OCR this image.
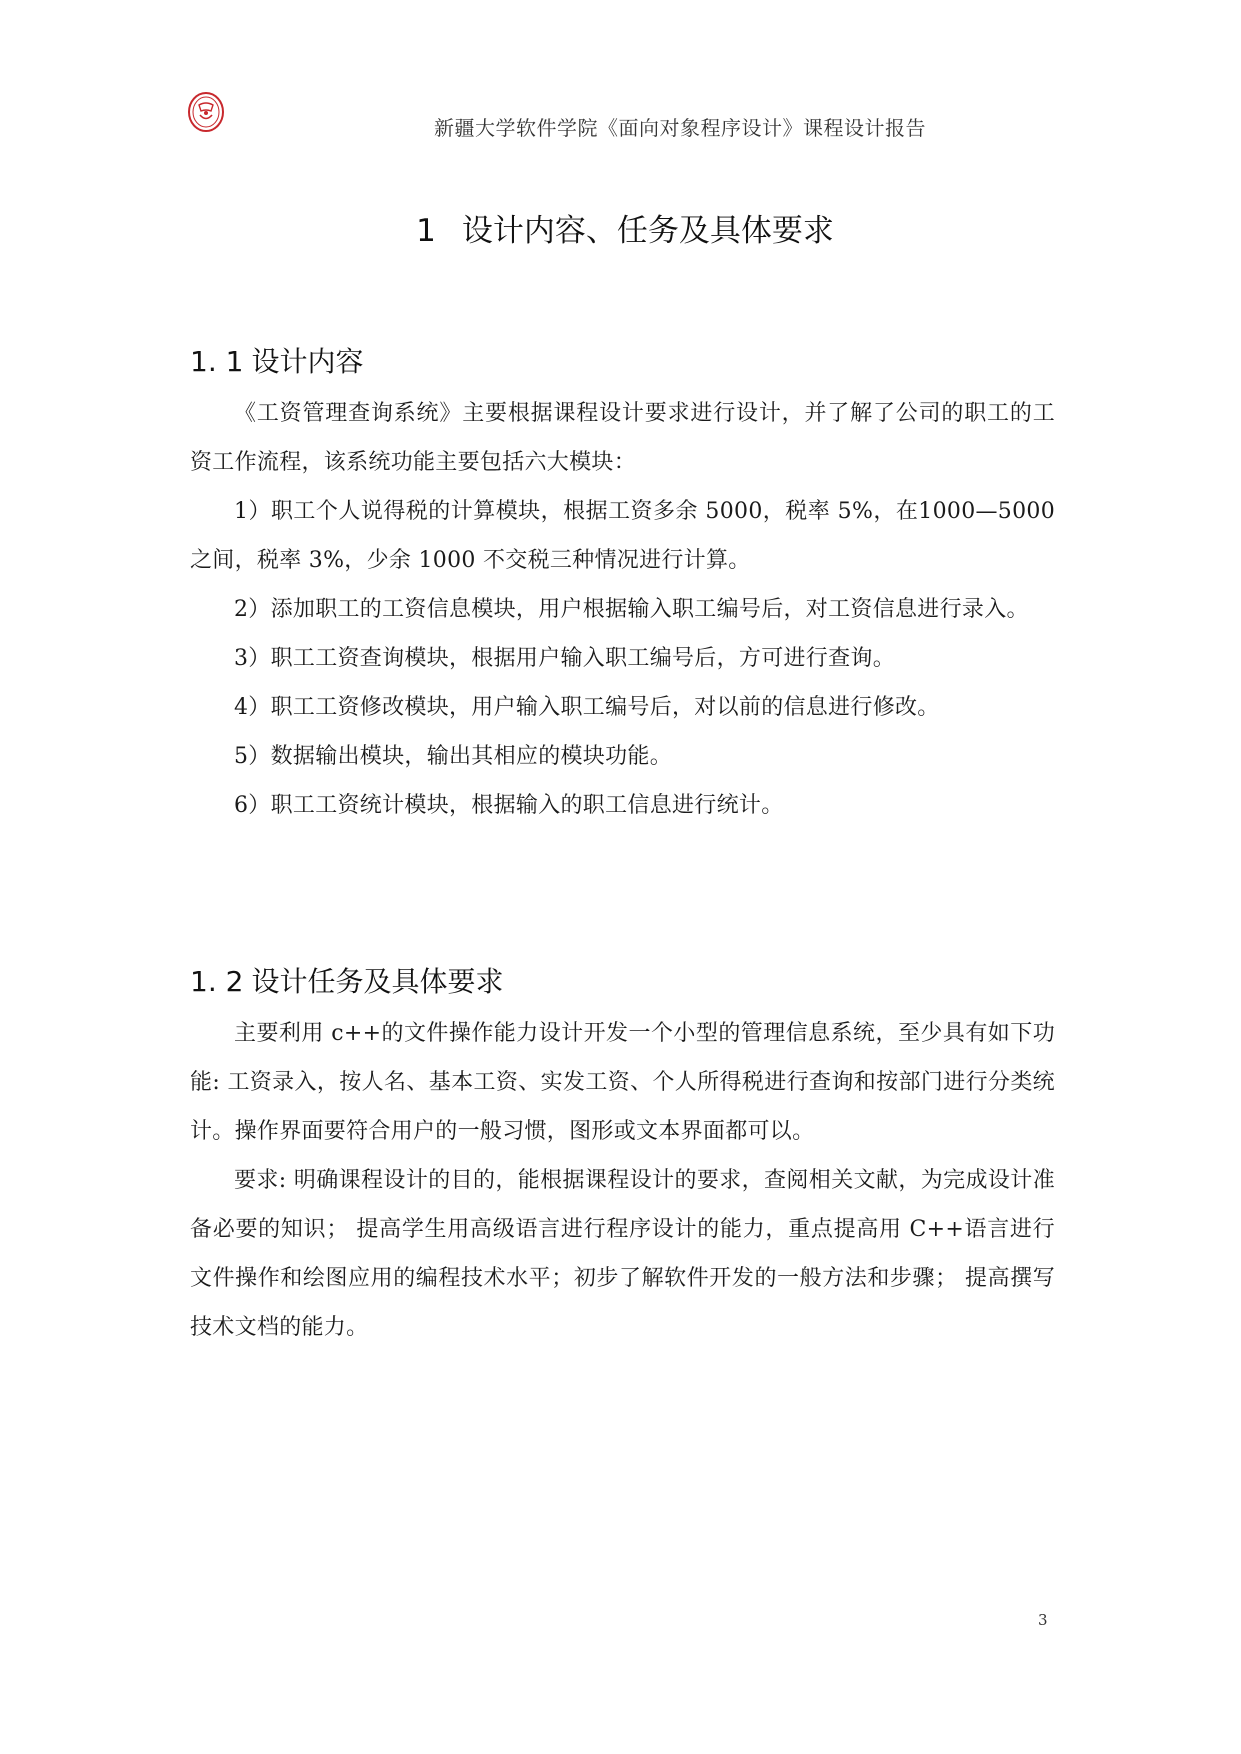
新疆大学软件学院《面向对象程序设计》课程设计报告
1 设计内容、任务及具体要求
1. 1 设计内容

《工资管理查询系统》主要根据课程设计要求进行设计，并了解了公司的职工的工资工作流程，该系统功能主要包括六大模块：

1）职工个人说得税的计算模块，根据工资多余 5000，税率 5%，在1000—5000 之间，税率 3%，少余 1000 不交税三种情况进行计算。

2）添加职工的工资信息模块，用户根据输入职工编号后，对工资信息进行录入。

3）职工工资查询模块，根据用户输入职工编号后，方可进行查询。

4）职工工资修改模块，用户输入职工编号后，对以前的信息进行修改。

5）数据输出模块，输出其相应的模块功能。

6）职工工资统计模块，根据输入的职工信息进行统计。

1. 2 设计任务及具体要求

主要利用 c++的文件操作能力设计开发一个小型的管理信息系统，至少具有如下功能: 工资录入，按人名、基本工资、实发工资、个人所得税进行查询和按部门进行分类统计。操作界面要符合用户的一般习惯，图形或文本界面都可以。

要求: 明确课程设计的目的，能根据课程设计的要求，查阅相关文献，为完成设计准备必要的知识； 提高学生用高级语言进行程序设计的能力，重点提高用 C++语言进行文件操作和绘图应用的编程技术水平；初步了解软件开发的一般方法和步骤； 提高撰写技术文档的能力。

3
